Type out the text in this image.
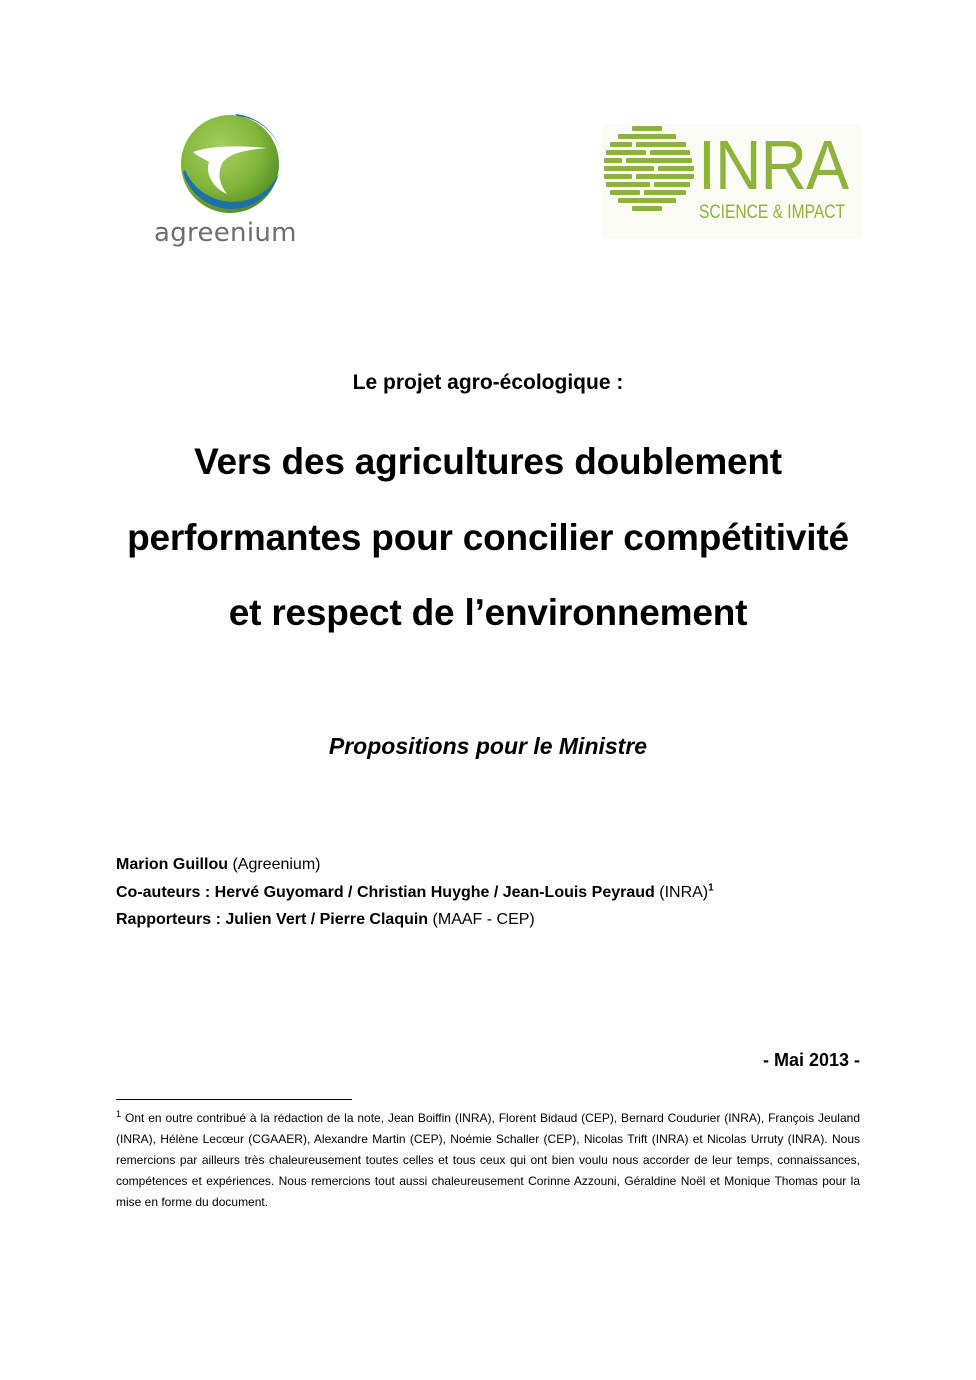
agreenium
INRA
SCIENCE & IMPACT
Le projet agro-écologique :
Vers des agricultures doublement
performantes pour concilier compétitivité
et respect de l’environnement
Propositions pour le Ministre
Marion Guillou (Agreenium)
Co-auteurs : Hervé Guyomard / Christian Huyghe / Jean-Louis Peyraud (INRA)$^1$
Rapporteurs : Julien Vert / Pierre Claquin (MAAF - CEP)
- Mai 2013 -
$^1$ Ont en outre contribué à la rédaction de la note, Jean Boiffin (INRA), Florent Bidaud (CEP), Bernard Coudurier (INRA), François Jeuland (INRA), Hélène Lecœur (CGAAER), Alexandre Martin (CEP), Noémie Schaller (CEP), Nicolas Trift (INRA) et Nicolas Urruty (INRA). Nous remercions par ailleurs très chaleureusement toutes celles et tous ceux qui ont bien voulu nous accorder de leur temps, connaissances, compétences et expériences. Nous remercions tout aussi chaleureusement Corinne Azzouni, Géraldine Noël et Monique Thomas pour la mise en forme du document.
